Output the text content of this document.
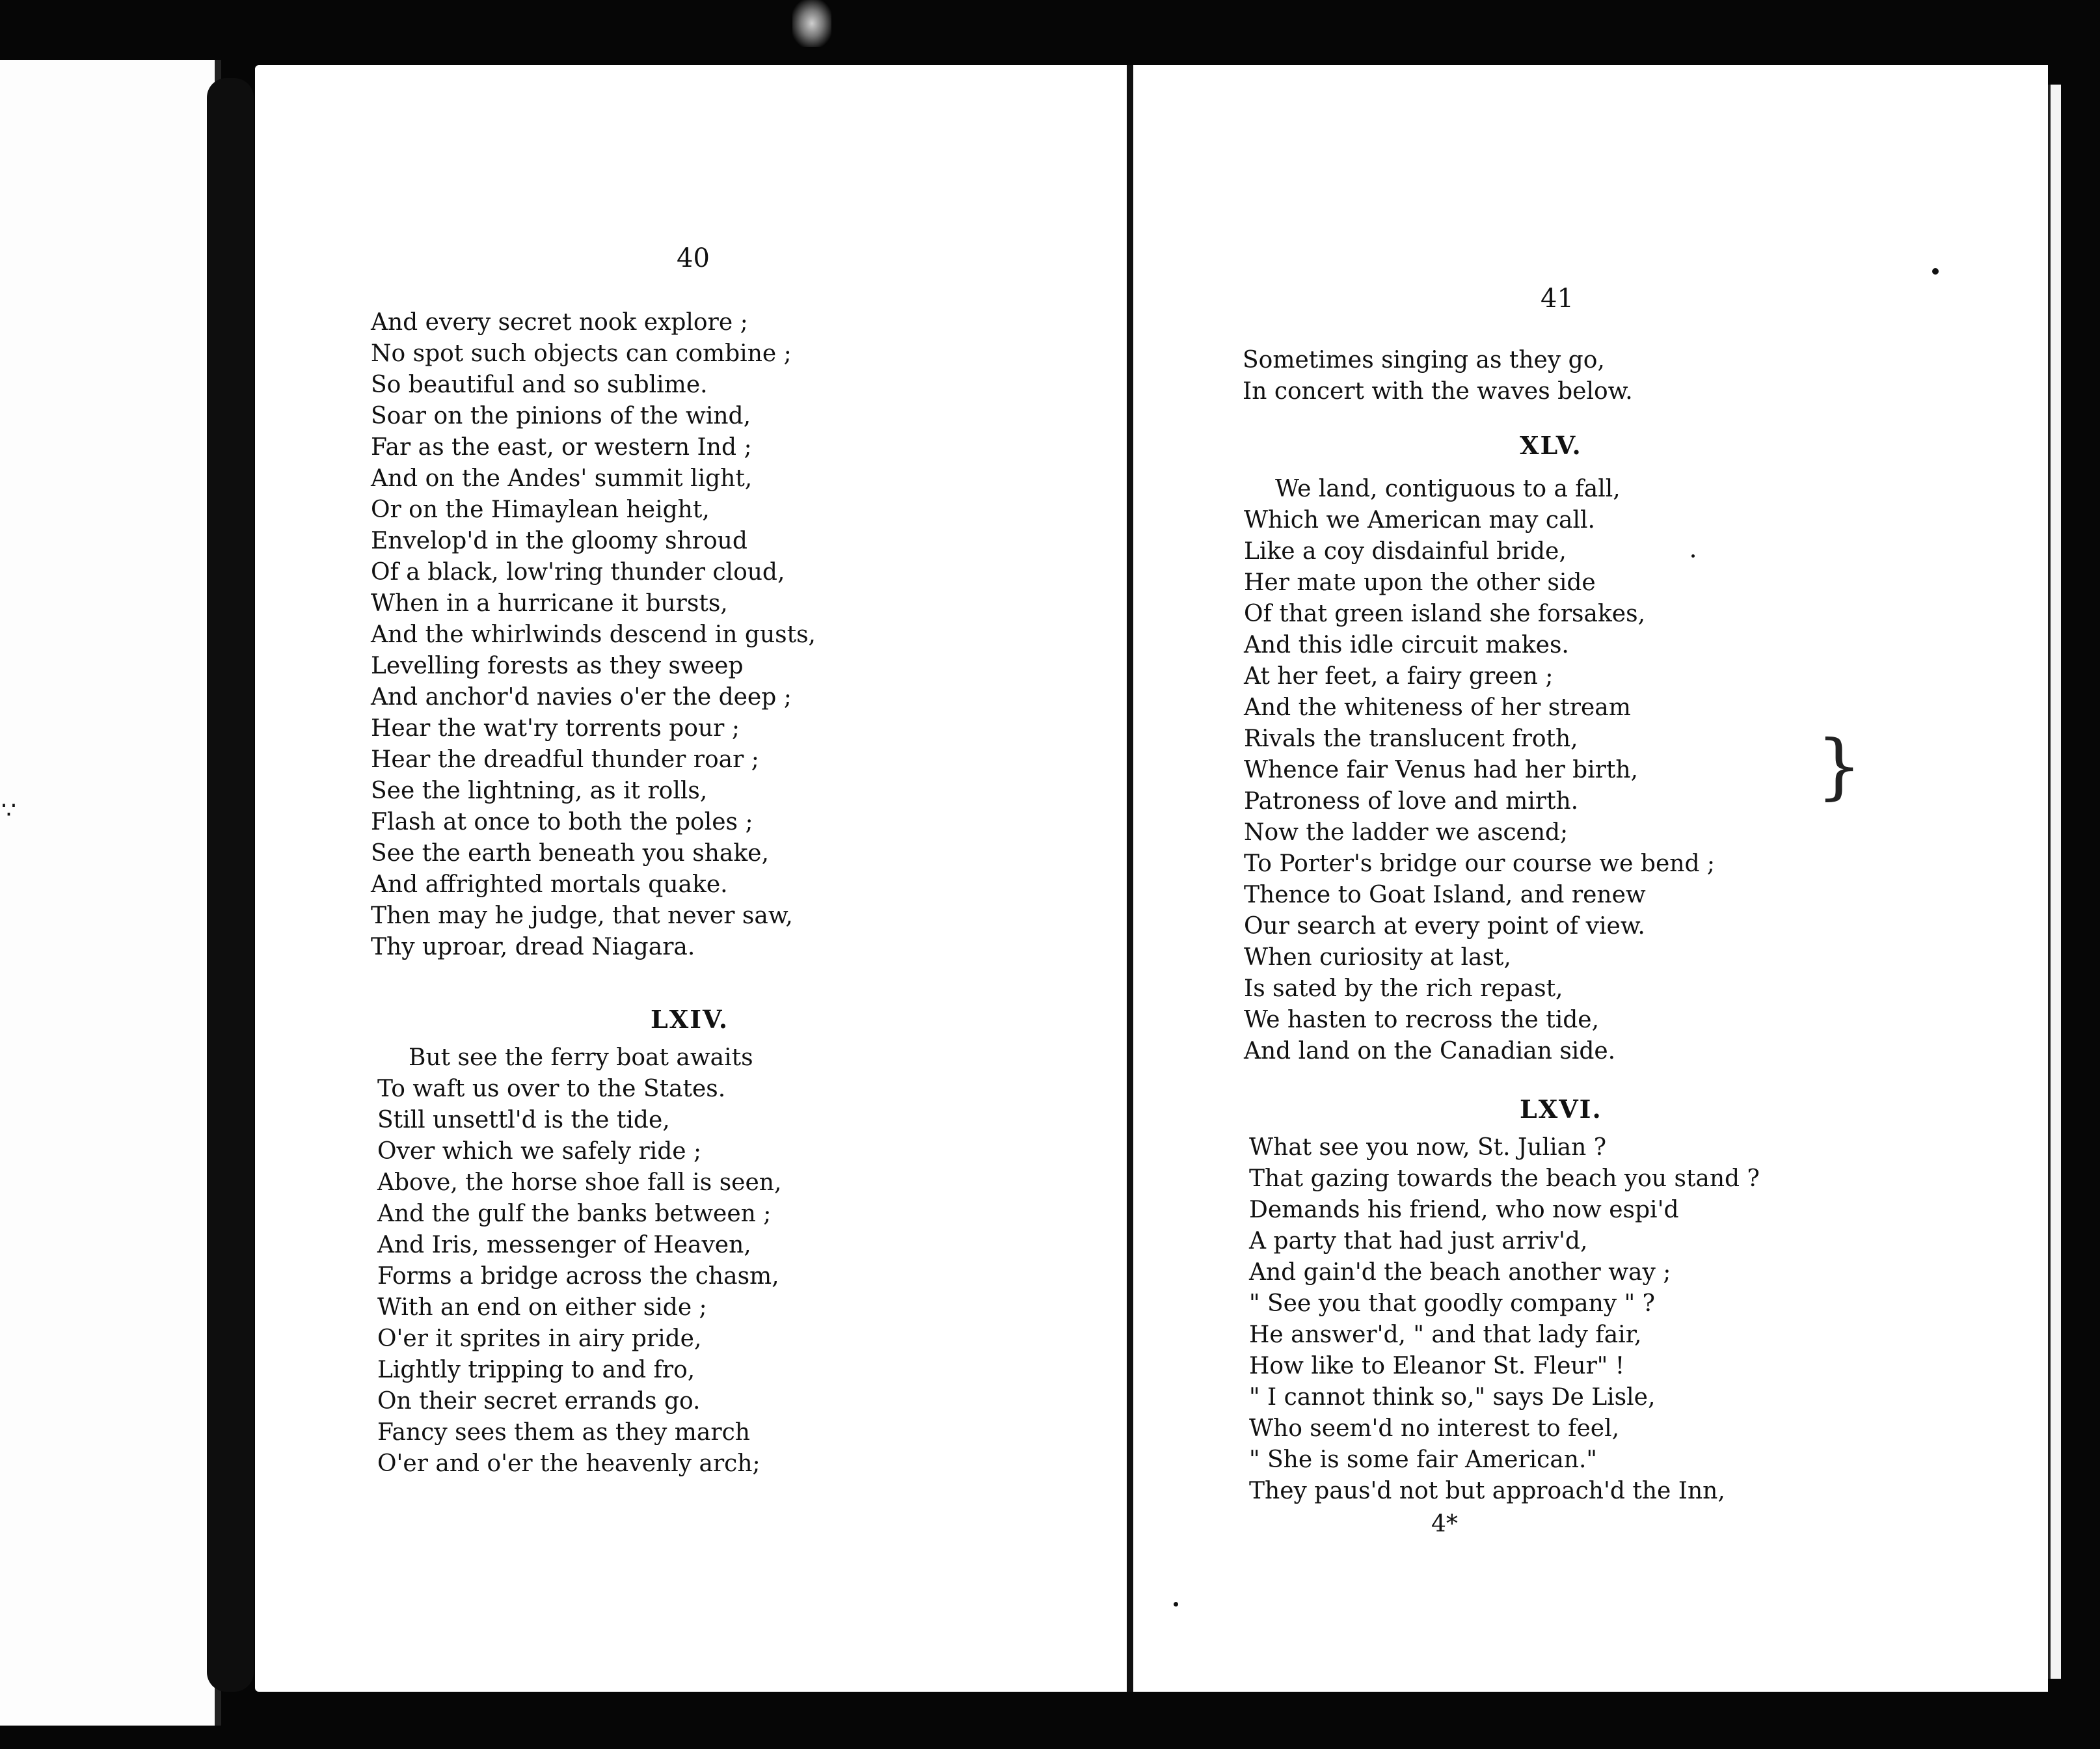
∵

40

And every secret nook explore ;

No spot such objects can combine ;

So beautiful and so sublime.

Soar on the pinions of the wind,

Far as the east, or western Ind ;

And on the Andes' summit light,

Or on the Himaylean height,

Envelop'd in the gloomy shroud

Of a black, low'ring thunder cloud,

When in a hurricane it bursts,

And the whirlwinds descend in gusts,

Levelling forests as they sweep

And anchor'd navies o'er the deep ;

Hear the wat'ry torrents pour ;

Hear the dreadful thunder roar ;

See the lightning, as it rolls,

Flash at once to both the poles ;

See the earth beneath you shake,

And affrighted mortals quake.

Then may he judge, that never saw,

Thy uproar, dread Niagara.

LXIV.

But see the ferry boat awaits

To waft us over to the States.

Still unsettl'd is the tide,

Over which we safely ride ;

Above, the horse shoe fall is seen,

And the gulf the banks between ;

And Iris, messenger of Heaven,

Forms a bridge across the chasm,

With an end on either side ;

O'er it sprites in airy pride,

Lightly tripping to and fro,

On their secret errands go.

Fancy sees them as they march

O'er and o'er the heavenly arch;

41

Sometimes singing as they go,

In concert with the waves below.

XLV.

We land, contiguous to a fall,

Which we American may call.

Like a coy disdainful bride,

Her mate upon the other side

Of that green island she forsakes,

And this idle circuit makes.

At her feet, a fairy green ;

And the whiteness of her stream

Rivals the translucent froth,

Whence fair Venus had her birth,

Patroness of love and mirth.

Now the ladder we ascend;

To Porter's bridge our course we bend ;

Thence to Goat Island, and renew

Our search at every point of view.

When curiosity at last,

Is sated by the rich repast,

We hasten to recross the tide,

And land on the Canadian side.

LXVI.

What see you now, St. Julian ?

That gazing towards the beach you stand ?

Demands his friend, who now espi'd

A party that had just arriv'd,

And gain'd the beach another way ;

" See you that goodly company " ?

He answer'd, " and that lady fair,

How like to Eleanor St. Fleur" !

" I cannot think so," says De Lisle,

Who seem'd no interest to feel,

" She is some fair American."

They paus'd not but approach'd the Inn,

4*

}
